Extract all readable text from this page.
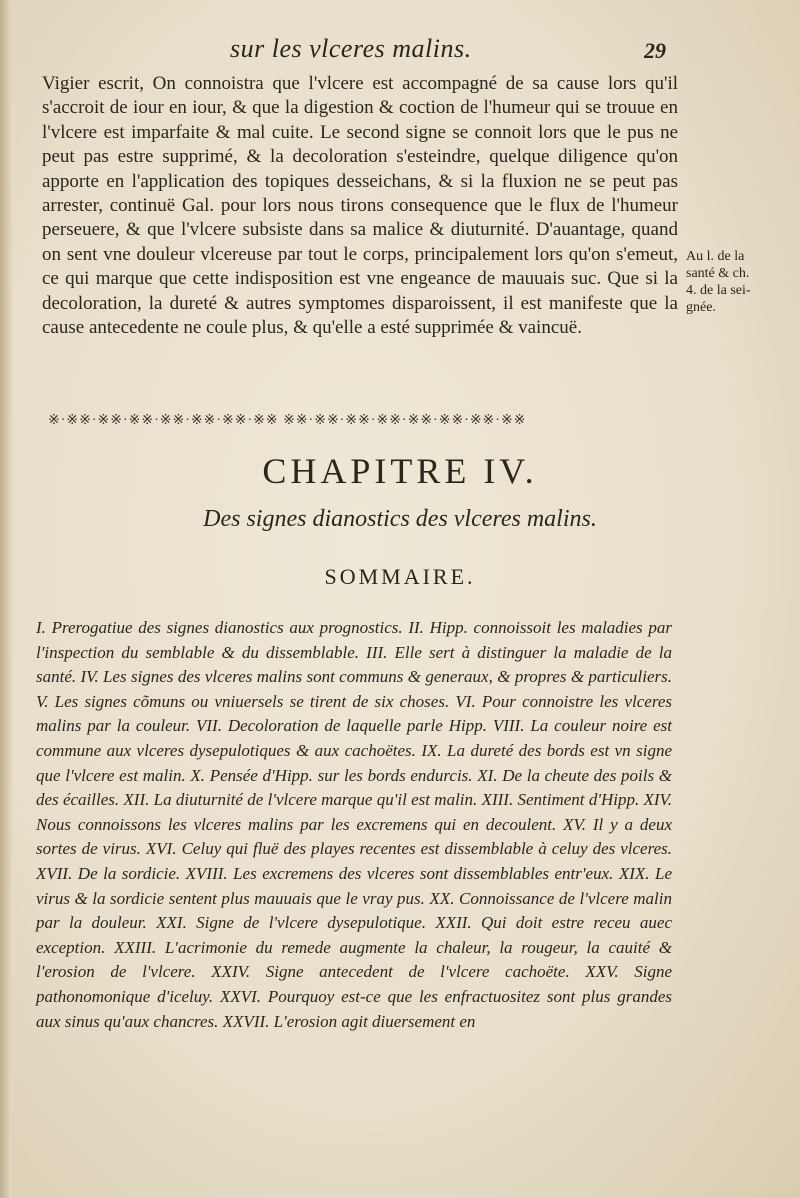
sur les vlceres malins.	29

Vigier escrit, On connoistra que l'vlcere est accompagné de sa cause lors qu'il s'accroit de iour en iour, & que la digestion & coction de l'humeur qui se trouue en l'vlcere est imparfaite & mal cuite. Le second signe se connoit lors que le pus ne peut pas estre supprimé, & la decoloration s'esteindre, quelque diligence qu'on apporte en l'application des topiques desseichans, & si la fluxion ne se peut pas arrester, continuë Gal. pour lors nous tirons consequence que le flux de l'humeur perseuere, & que l'vlcere subsiste dans sa malice & diuturnité. D'auantage, quand on sent vne douleur vlcereuse par tout le corps, principalement lors qu'on s'emeut, ce qui marque que cette indisposition est vne engeance de mauuais suc. Que si la decoloration, la dureté & autres symptomes disparoissent, il est manifeste que la cause antecedente ne coule plus, & qu'elle a esté supprimée & vaincuë.

Au l. de la
santé & ch.
4. de la sei-
gnée.
※·※※·※※·※※·※※·※※·※※·※※ ※※·※※·※※·※※·※※·※※·※※·※※
CHAPITRE IV.
Des signes dianostics des vlceres malins.
SOMMAIRE.

I. Prerogatiue des signes dianostics aux prognostics. II. Hipp. connoissoit les maladies par l'inspection du semblable & du dissemblable. III. Elle sert à distinguer la maladie de la santé. IV. Les signes des vlceres malins sont communs & generaux, & propres & particuliers. V. Les signes cõmuns ou vniuersels se tirent de six choses. VI. Pour connoistre les vlceres malins par la couleur. VII. Decoloration de laquelle parle Hipp. VIII. La couleur noire est commune aux vlceres dysepulotiques & aux cachoëtes. IX. La dureté des bords est vn signe que l'vlcere est malin. X. Pensée d'Hipp. sur les bords endurcis. XI. De la cheute des poils & des écailles. XII. La diuturnité de l'vlcere marque qu'il est malin. XIII. Sentiment d'Hipp. XIV. Nous connoissons les vlceres malins par les excremens qui en decoulent. XV. Il y a deux sortes de virus. XVI. Celuy qui fluë des playes recentes est dissemblable à celuy des vlceres. XVII. De la sordicie. XVIII. Les excremens des vlceres sont dissemblables entr'eux. XIX. Le virus & la sordicie sentent plus mauuais que le vray pus. XX. Connoissance de l'vlcere malin par la douleur. XXI. Signe de l'vlcere dysepulotique. XXII. Qui doit estre receu auec exception. XXIII. L'acrimonie du remede augmente la chaleur, la rougeur, la cauité & l'erosion de l'vlcere. XXIV. Signe antecedent de l'vlcere cachoëte. XXV. Signe pathonomonique d'iceluy. XXVI. Pourquoy est-ce que les enfractuositez sont plus grandes aux sinus qu'aux chancres. XXVII. L'erosion agit diuersement en
